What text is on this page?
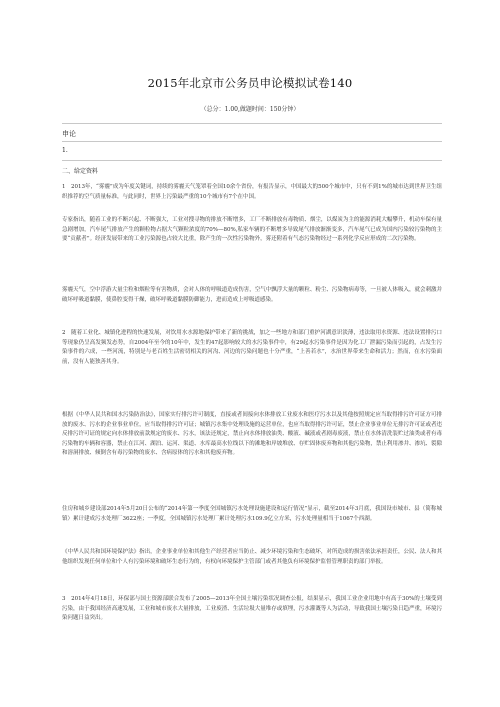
2015年北京市公务员申论模拟试卷140
（总分：1.00,做题时间：150分钟）
申论
1.
二、给定资料

1　2013年，“雾霾”成为年度关键词，持续的雾霾天气笼罩着全国10余个省份，有报告显示，中国最大的500个城市中，只有不到1%的城市达到世界卫生组织推荐的空气质量标准，与此同时，世界上污染最严重的10个城市有7个在中国。

专家指出，随着工业的不断兴起、不断强大，工业对搜寻物的排放不断增多，工厂不断排放有毒物质、烟尘，以煤炭为主的能源消耗大幅攀升，机动车保有量急剧增加，汽车尾气排放产生的颗粒物占据大气颗粒浓度的70%—80%,私家车辆的不断增多导致尾气排放渐渐变多，汽车尾气已成为国内污染较污染物的主要“贡献者”。经济发展带来的工业污染源也占较大比重，除产生的一次性污染物外，雾还附着有气态污染物经过一系列化学反应形成的二次污染物。

雾霾天气，空中浮游大量尘粒和烟粒等有害物质，会对人体的呼吸道造成伤害，空气中飘浮大量的颗粒、粉尘、污染物病毒等，一旦被人体吸入，就会刺激并破坏呼吸道黏膜，使鼻腔变得干燥，破坏呼吸道黏膜防御能力，进而造成上呼吸道感染。

2　随着工业化、城镇化进程的快速发展，对饮用水水源地保护带来了新的挑战，加之一些地方和部门重护河湖意识淡薄，违法取用水资源、违法设置排污口等现象仍呈高发频发态势，自2004年至今的10年中，发生的47起影响较大的水污染事件中，有29起水污染事件是因为化工厂泄漏污染而引起的，占发生污染事件的六成，一些河流，特别是与老百姓生活密切相关的河沟、河边的污染问题也十分严重，“上善若水”，水治世界带来生命和活力；然而，在水污染面前，没有人能独善其身。

根据《中华人民共和国水污染防治法》，国家实行排污许可制度，直接或者间接向水体排放工业废水和医疗污水以及其他按照规定应当取得排污许可证方可排放的废水、污水的企业事业单位，应当取得排污许可证；城镇污水集中处理设施的运营单位，也应当取得排污许可证，禁止企业事业单位无排污许可证或者违反排污许可证的规定向水体排放前款规定的废水、污水，该法还规定，禁止向水体排放油类、酸液、碱液或者剧毒废液，禁止在水体清洗装贮过油类或者有毒污染物的车辆和容器，禁止在江河、湖泊、运河、渠道、水库最高水位线以下的滩地和岸坡堆放、存贮固体废弃物和其他污染物，禁止利用渗井、渗坑、裂隙和溶洞排放、倾倒含有毒污染物的废水、含病原体的污水和其他废弃物。

住房和城乡建设部2014年5月20日公布的“2014年第一季度全国城镇污水处理设施建设和运行情况”显示，截至2014年3月底，我国设市城市、县（简称城镇）累计建成污水处理厂3622座；一季度，全国城镇污水处理厂累计处理污水109.9亿立方米，污水处理量相当于1067个西湖。

《中华人民共和国环境保护法》指出，企业事业单位和其他生产经营者应当防止、减少环境污染和生态破坏，对所造成的损害依法承担责任，公民、法人和其他组织发现任何单位和个人有污染环境和破坏生态行为的，有权向环境保护主管部门或者其他负有环境保护监督管理职责的部门举报。

3　2014年4月18日，环保部与国土资源部联合发布了2005—2013年全国土壤污染状况调查公报，结果显示，我国工业企业用地中有高于30%的土壤受到污染，由于我国经济高速发展，工业和城市废水大量排放，工业废渣、生活垃圾大量堆存或填埋，污水灌溉等人为活动，导致我国土壤污染日趋严重，环境污染问题日益突出。
